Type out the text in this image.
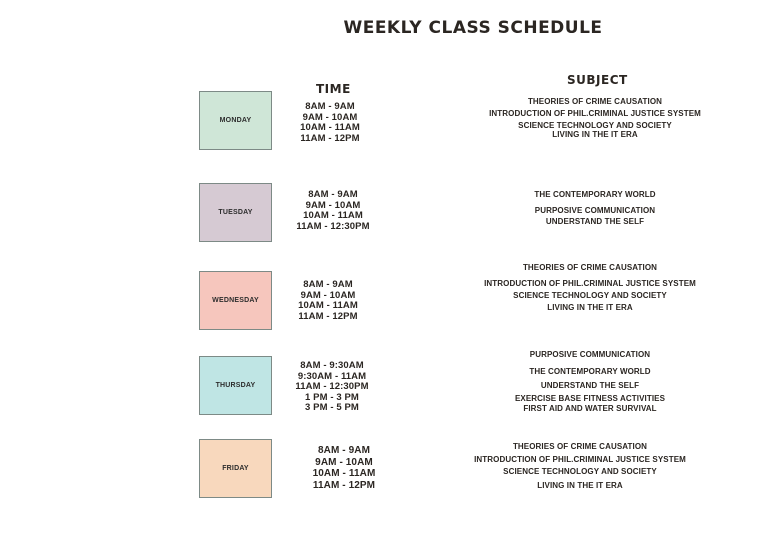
WEEKLY CLASS SCHEDULE
TIME
SUBJECT
MONDAY
8AM - 9AM
9AM - 10AM
10AM - 11AM
11AM - 12PM
THEORIES OF CRIME CAUSATION
INTRODUCTION OF PHIL.CRIMINAL JUSTICE SYSTEM
SCIENCE TECHNOLOGY AND SOCIETY
LIVING IN THE IT ERA
TUESDAY
8AM - 9AM
9AM - 10AM
10AM - 11AM
11AM - 12:30PM
THE CONTEMPORARY WORLD
PURPOSIVE COMMUNICATION
UNDERSTAND THE SELF
WEDNESDAY
8AM - 9AM
9AM - 10AM
10AM - 11AM
11AM - 12PM
THEORIES OF CRIME CAUSATION
INTRODUCTION OF PHIL.CRIMINAL JUSTICE SYSTEM
SCIENCE TECHNOLOGY AND SOCIETY
LIVING IN THE IT ERA
THURSDAY
8AM - 9:30AM
9:30AM - 11AM
11AM - 12:30PM
1 PM - 3 PM
3 PM - 5 PM
PURPOSIVE COMMUNICATION
THE CONTEMPORARY WORLD
UNDERSTAND THE SELF
EXERCISE BASE FITNESS ACTIVITIES
FIRST AID AND WATER SURVIVAL
FRIDAY
8AM - 9AM
9AM - 10AM
10AM - 11AM
11AM - 12PM
THEORIES OF CRIME CAUSATION
INTRODUCTION OF PHIL.CRIMINAL JUSTICE SYSTEM
SCIENCE TECHNOLOGY AND SOCIETY
LIVING IN THE IT ERA
